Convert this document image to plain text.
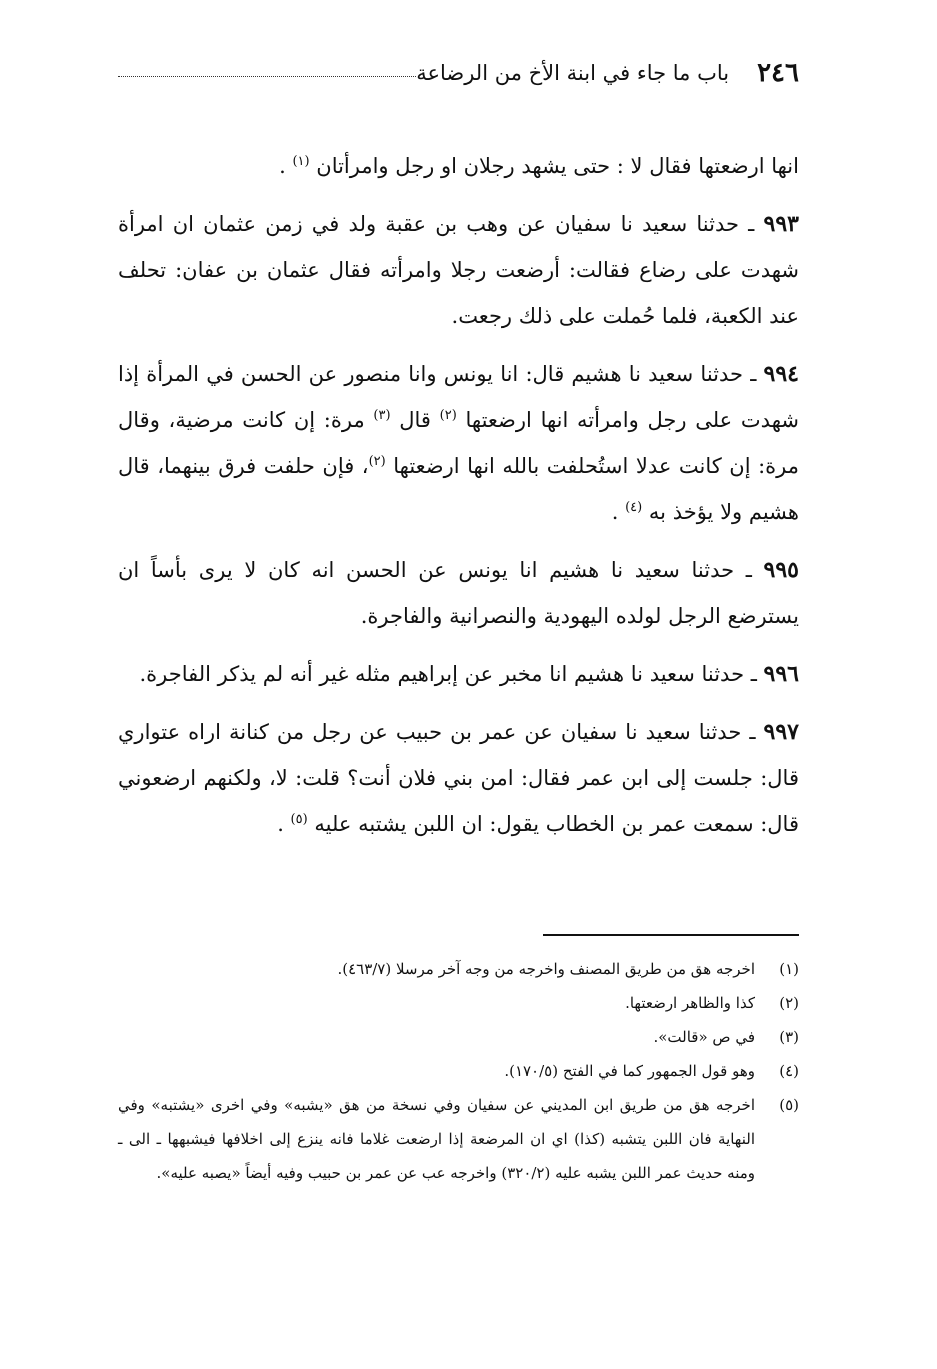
٢٤٦
باب ما جاء في ابنة الأخ من الرضاعة

انها ارضعتها فقال لا : حتى يشهد رجلان او رجل وامرأتان $^{(١)}$ .

٩٩٣ ـ حدثنا سعيد نا سفيان عن وهب بن عقبة ولد في زمن عثمان ان امرأة شهدت على رضاع فقالت: أرضعت رجلا وامرأته فقال عثمان بن عفان: تحلف عند الكعبة، فلما حُملت على ذلك رجعت.

٩٩٤ ـ حدثنا سعيد نا هشيم قال: انا يونس وانا منصور عن الحسن في المرأة إذا شهدت على رجل وامرأته انها ارضعتها $^{(٢)}$ قال $^{(٣)}$ مرة: إن كانت مرضية، وقال مرة: إن كانت عدلا استُحلفت بالله انها ارضعتها $^{(٢)}$، فإن حلفت فرق بينهما، قال هشيم ولا يؤخذ به $^{(٤)}$ .

٩٩٥ ـ حدثنا سعيد نا هشيم انا يونس عن الحسن انه كان لا يرى بأساً ان يسترضع الرجل لولده اليهودية والنصرانية والفاجرة.

٩٩٦ ـ حدثنا سعيد نا هشيم انا مخبر عن إبراهيم مثله غير أنه لم يذكر الفاجرة.

٩٩٧ ـ حدثنا سعيد نا سفيان عن عمر بن حبيب عن رجل من كنانة اراه عتواري قال: جلست إلى ابن عمر فقال: امن بني فلان أنت؟ قلت: لا، ولكنهم ارضعوني قال: سمعت عمر بن الخطاب يقول: ان اللبن يشتبه عليه $^{(٥)}$ .

(١)
اخرجه هق من طريق المصنف واخرجه من وجه آخر مرسلا (٤٦٣/٧).
(٢)
كذا والظاهر ارضعتها.
(٣)
في ص «قالت».
(٤)
وهو قول الجمهور كما في الفتح (١٧٠/٥).
(٥)
اخرجه هق من طريق ابن المديني عن سفيان وفي نسخة من هق «يشبه» وفي اخرى «يشتبه» وفي النهاية فان اللبن يتشبه (كذا) اي ان المرضعة إذا ارضعت غلاما فانه ينزع إلى اخلافها فيشبهها ـ الى ـ ومنه حديث عمر اللبن يشبه عليه (٣٢٠/٢) واخرجه عب عن عمر بن حبيب وفيه أيضاً «يصبه عليه».
